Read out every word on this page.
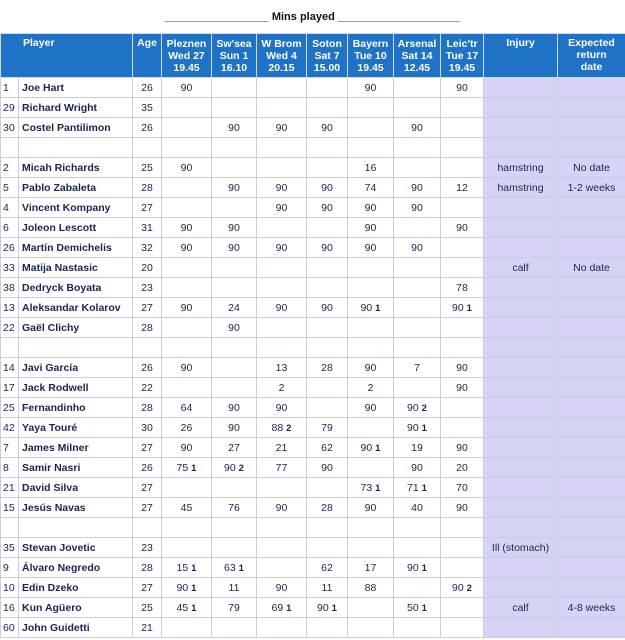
_________________ Mins played ____________________
Player		Age	Pleznen
Wed 27
19.45	Sw'sea
Sun 1
16.10	W Brom
Wed 4
20.15	Soton
Sat 7
15.00	Bayern
Tue 10
19.45	Arsenal
Sat 14
12.45	Leic'tr
Tue 17
19.45	Injury	Expected
return
date
1	Joe Hart	26	90				90		90		
29	Richard Wright	35									
30	Costel Pantilimon	26		90	90	90		90			

2	Micah Richards	25	90				16			hamstring	No date
5	Pablo Zabaleta	28		90	90	90	74	90	12	hamstring	1-2 weeks
4	Vincent Kompany	27			90	90	90	90			
6	Joleon Lescott	31	90	90			90		90		
26	Martín Demichelis	32	90	90	90	90	90	90			
33	Matija Nastasic	20								calf	No date
38	Dedryck Boyata	23							78		
13	Aleksandar Kolarov	27	90	24	90	90	90 1		90 1		
22	Gaël Clichy	28		90							

14	Javi García	26	90		13	28	90	7	90		
17	Jack Rodwell	22			2		2		90		
25	Fernandinho	28	64	90	90		90	90 2			
42	Yaya Touré	30	26	90	88 2	79		90 1			
7	James Milner	27	90	27	21	62	90 1	19	90		
8	Samir Nasri	26	75 1	90 2	77	90		90	20		
21	David Silva	27					73 1	71 1	70		
15	Jesús Navas	27	45	76	90	28	90	40	90		

35	Stevan Jovetic	23								Ill (stomach)	
9	Álvaro Negredo	28	15 1	63 1		62	17	90 1			
10	Edin Dzeko	27	90 1	11	90	11	88		90 2		
16	Kun Agüero	25	45 1	79	69 1	90 1		50 1		calf	4-8 weeks
60	John Guidetti	21									
